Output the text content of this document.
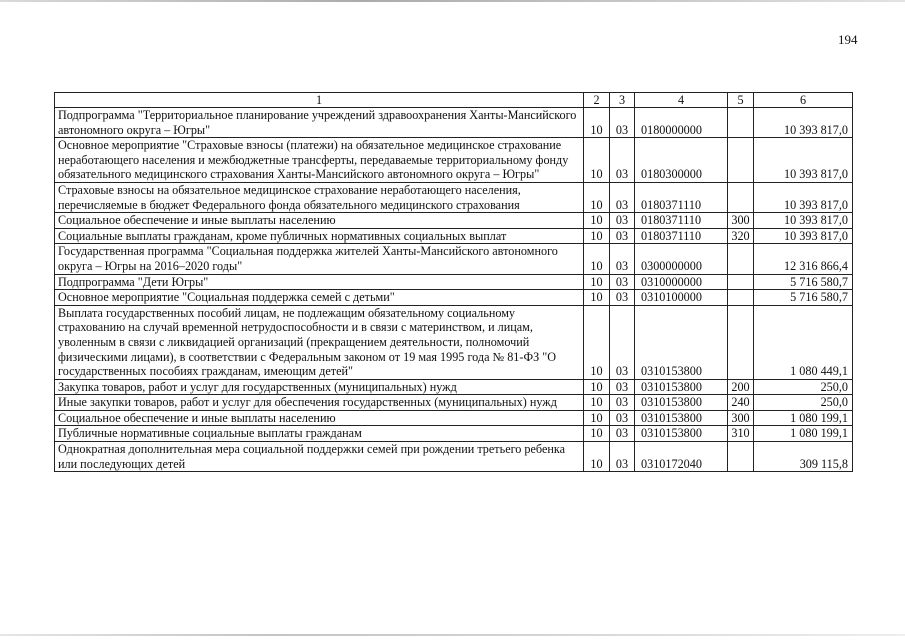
194
1	2	3	4	5	6
Подпрограмма "Территориальное планирование учреждений здравоохранения Ханты-Мансийского автономного округа – Югры"	10	03	0180000000		10 393 817,0
Основное мероприятие "Страховые взносы (платежи) на обязательное медицинское страхование неработающего населения и межбюджетные трансферты, передаваемые территориальному фонду обязательного медицинского страхования Ханты-Мансийского автономного округа – Югры"	10	03	0180300000		10 393 817,0
Страховые взносы на обязательное медицинское страхование неработающего населения, перечисляемые в бюджет Федерального фонда обязательного медицинского страхования	10	03	0180371110		10 393 817,0
Социальное обеспечение и иные выплаты населению	10	03	0180371110	300	10 393 817,0
Социальные выплаты гражданам, кроме публичных нормативных социальных выплат	10	03	0180371110	320	10 393 817,0
Государственная программа "Социальная поддержка жителей Ханты-Мансийского автономного округа – Югры на 2016–2020 годы"	10	03	0300000000		12 316 866,4
Подпрограмма "Дети Югры"	10	03	0310000000		5 716 580,7
Основное мероприятие "Социальная поддержка семей с детьми"	10	03	0310100000		5 716 580,7
Выплата государственных пособий лицам, не подлежащим обязательному социальному страхованию на случай временной нетрудоспособности и в связи с материнством, и лицам, уволенным в связи с ликвидацией организаций (прекращением деятельности, полномочий физическими лицами), в соответствии с Федеральным законом от 19 мая 1995 года № 81-ФЗ "О государственных пособиях гражданам, имеющим детей"	10	03	0310153800		1 080 449,1
Закупка товаров, работ и услуг для государственных (муниципальных) нужд	10	03	0310153800	200	250,0
Иные закупки товаров, работ и услуг для обеспечения государственных (муниципальных) нужд	10	03	0310153800	240	250,0
Социальное обеспечение и иные выплаты населению	10	03	0310153800	300	1 080 199,1
Публичные нормативные социальные выплаты гражданам	10	03	0310153800	310	1 080 199,1
Однократная дополнительная мера социальной поддержки семей при рождении третьего ребенка или последующих детей	10	03	0310172040		309 115,8
